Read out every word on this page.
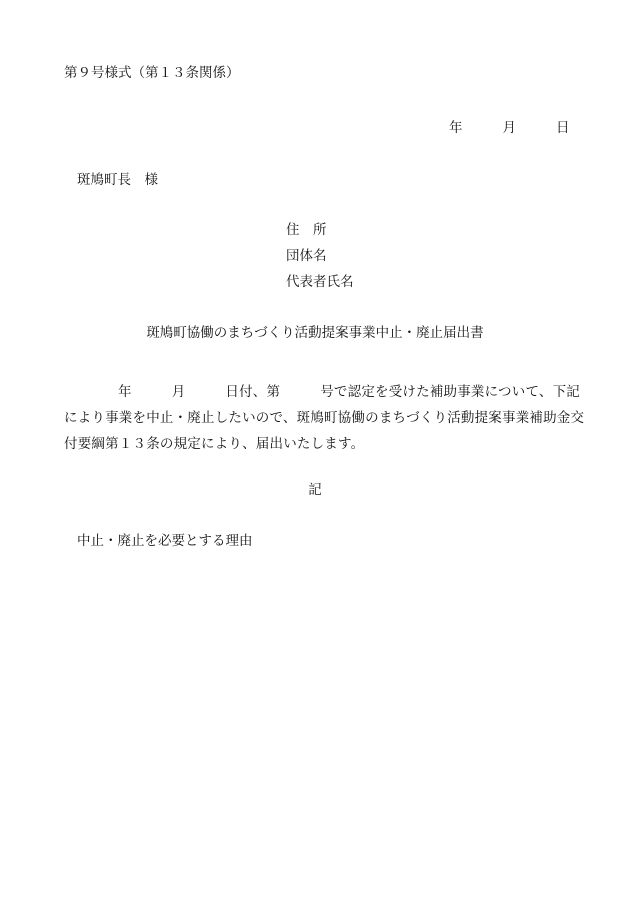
第９号様式（第１３条関係）
年	月	日
斑鳩町長　様
住　所
団体名
代表者氏名
斑鳩町協働のまちづくり活動提案事業中止・廃止届出書
年	月	日付、第	号で認定を受けた補助事業について、下記
により事業を中止・廃止したいので、斑鳩町協働のまちづくり活動提案事業補助金交
付要綱第１３条の規定により、届出いたします。
記
中止・廃止を必要とする理由
